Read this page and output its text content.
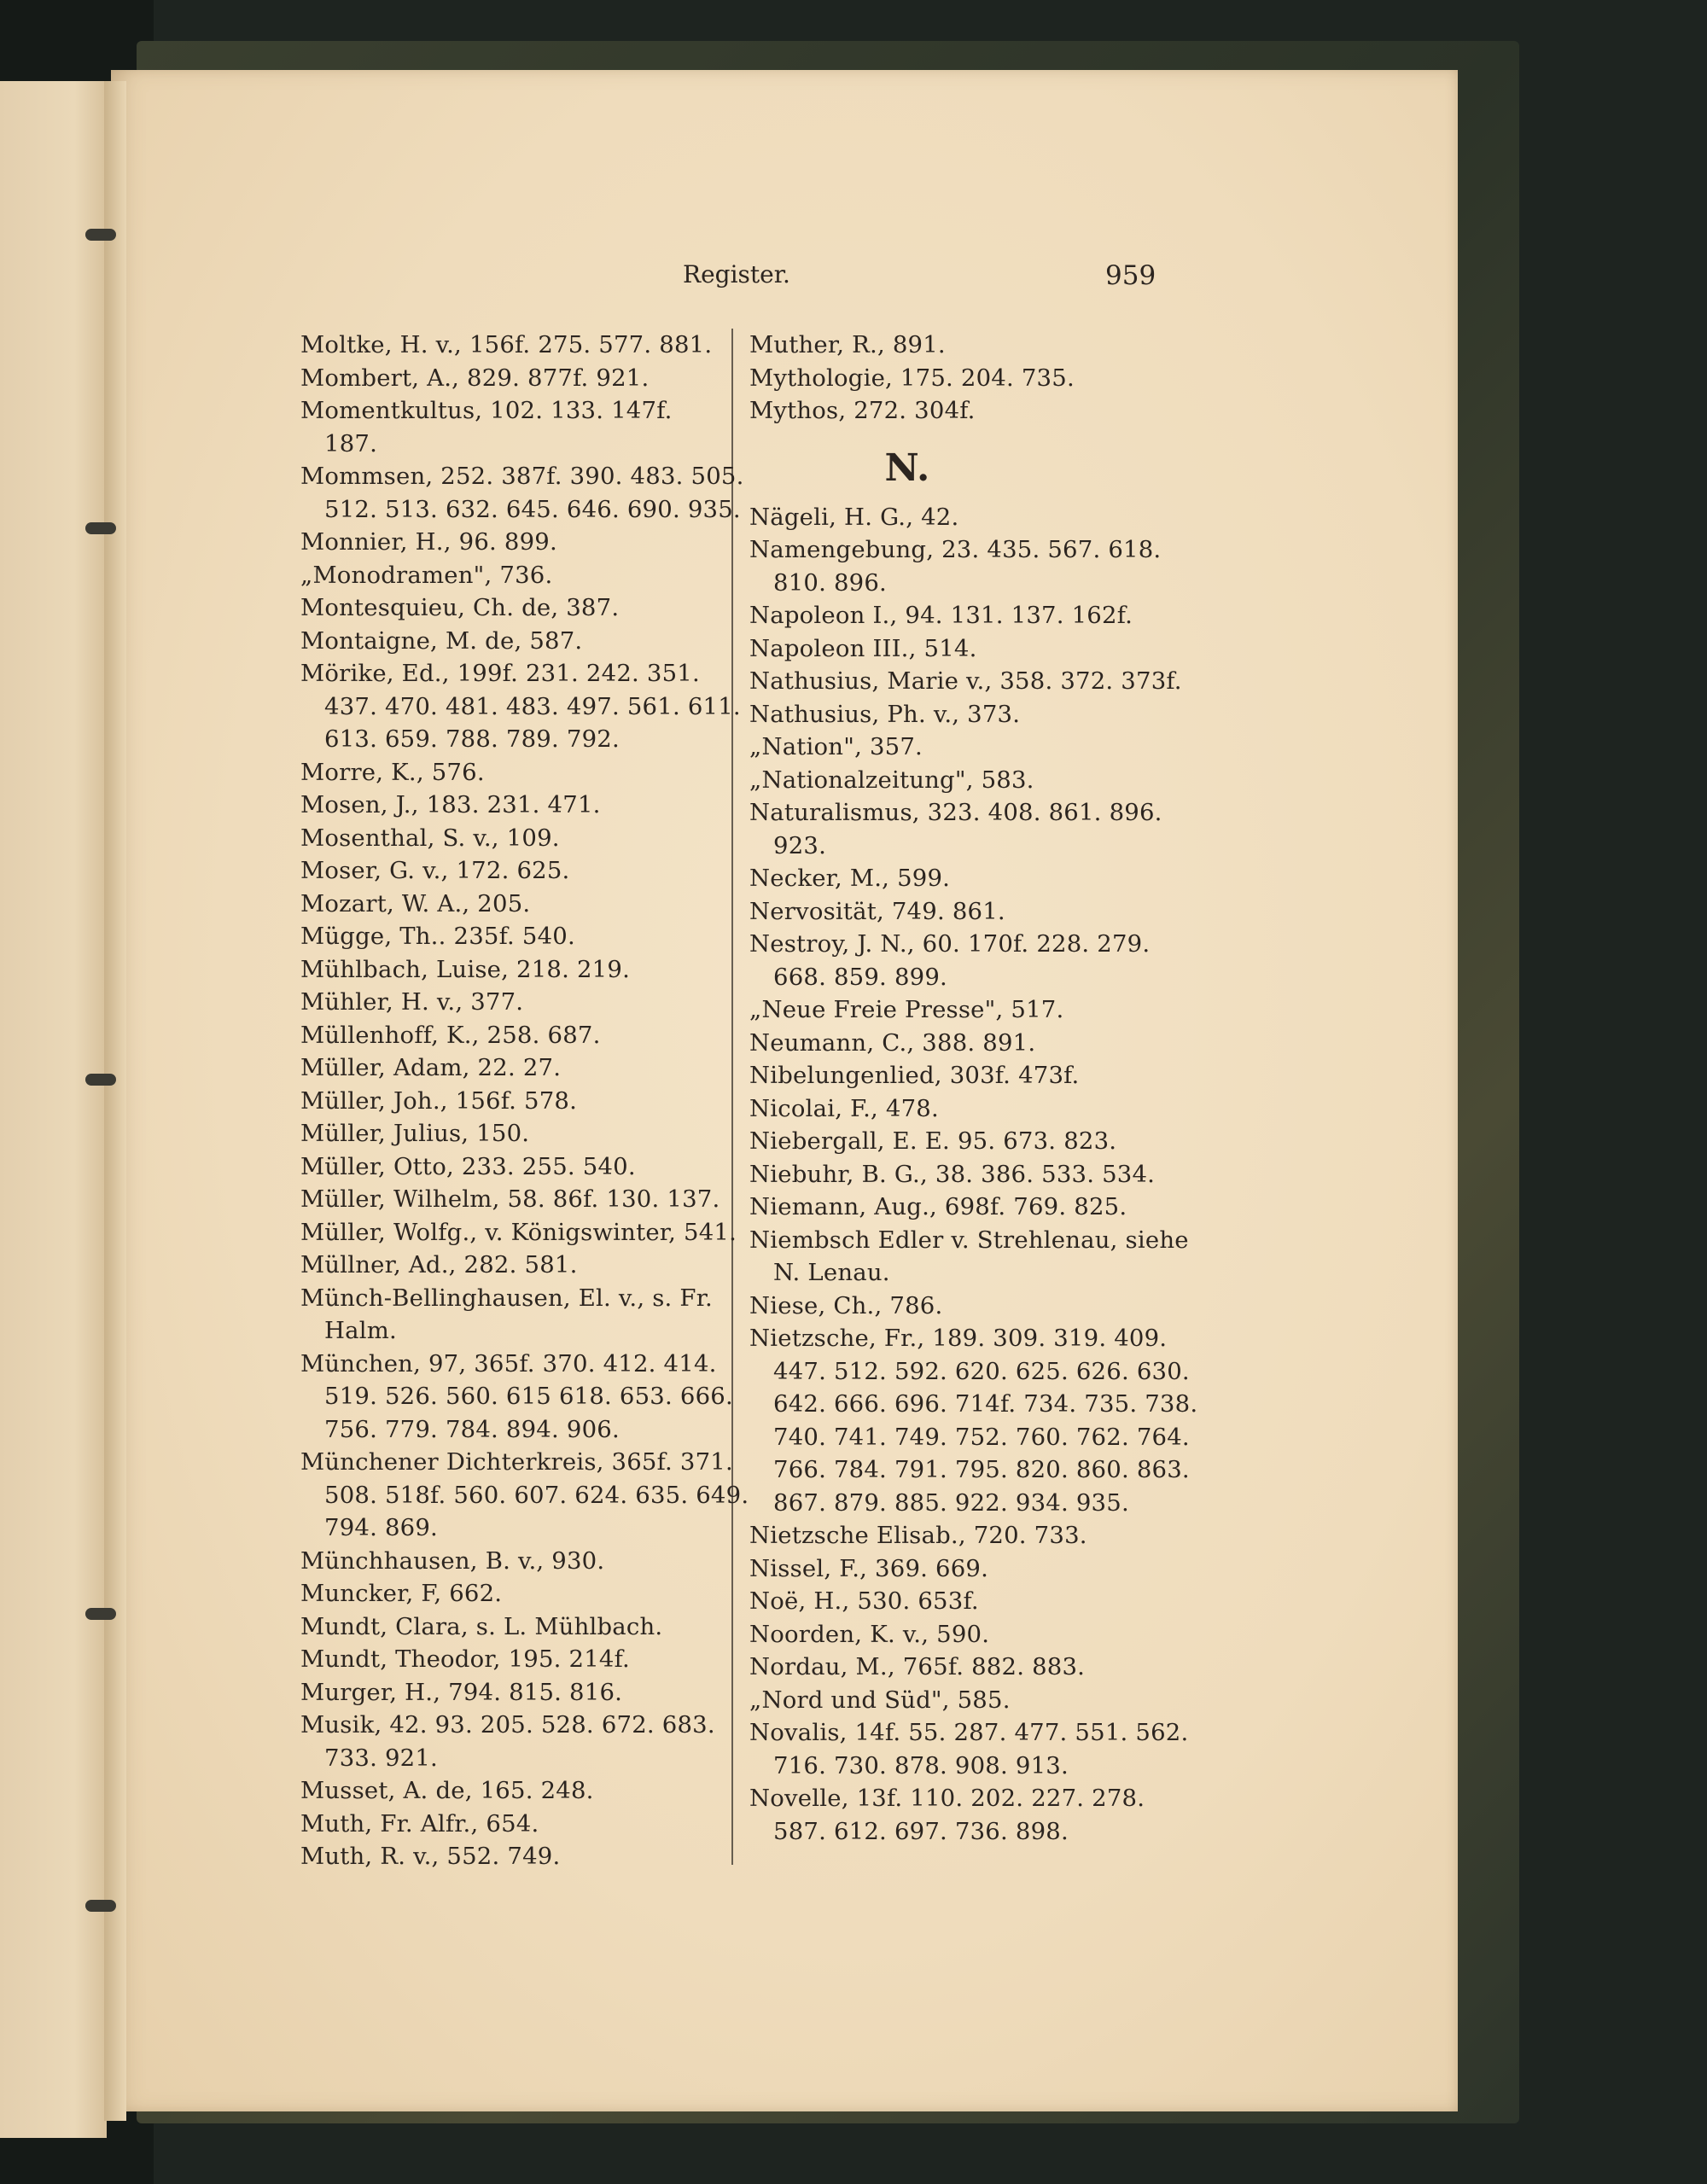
Register.	959
Moltke, H. v., 156f. 275. 577. 881.
Mombert, A., 829. 877f. 921.
Momentkultus, 102. 133. 147f.
187.
Mommsen, 252. 387f. 390. 483. 505.
512. 513. 632. 645. 646. 690. 935.
Monnier, H., 96. 899.
„Monodramen", 736.
Montesquieu, Ch. de, 387.
Montaigne, M. de, 587.
Mörike, Ed., 199f. 231. 242. 351.
437. 470. 481. 483. 497. 561. 611.
613. 659. 788. 789. 792.
Morre, K., 576.
Mosen, J., 183. 231. 471.
Mosenthal, S. v., 109.
Moser, G. v., 172. 625.
Mozart, W. A., 205.
Mügge, Th.. 235f. 540.
Mühlbach, Luise, 218. 219.
Mühler, H. v., 377.
Müllenhoff, K., 258. 687.
Müller, Adam, 22. 27.
Müller, Joh., 156f. 578.
Müller, Julius, 150.
Müller, Otto, 233. 255. 540.
Müller, Wilhelm, 58. 86f. 130. 137.
Müller, Wolfg., v. Königswinter, 541.
Müllner, Ad., 282. 581.
Münch-Bellinghausen, El. v., s. Fr.
Halm.
München, 97, 365f. 370. 412. 414.
519. 526. 560. 615 618. 653. 666.
756. 779. 784. 894. 906.
Münchener Dichterkreis, 365f. 371.
508. 518f. 560. 607. 624. 635. 649.
794. 869.
Münchhausen, B. v., 930.
Muncker, F, 662.
Mundt, Clara, s. L. Mühlbach.
Mundt, Theodor, 195. 214f.
Murger, H., 794. 815. 816.
Musik, 42. 93. 205. 528. 672. 683.
733. 921.
Musset, A. de, 165. 248.
Muth, Fr. Alfr., 654.
Muth, R. v., 552. 749.
Muther, R., 891.
Mythologie, 175. 204. 735.
Mythos, 272. 304f.
N.
Nägeli, H. G., 42.
Namengebung, 23. 435. 567. 618.
810. 896.
Napoleon I., 94. 131. 137. 162f.
Napoleon III., 514.
Nathusius, Marie v., 358. 372. 373f.
Nathusius, Ph. v., 373.
„Nation", 357.
„Nationalzeitung", 583.
Naturalismus, 323. 408. 861. 896.
923.
Necker, M., 599.
Nervosität, 749. 861.
Nestroy, J. N., 60. 170f. 228. 279.
668. 859. 899.
„Neue Freie Presse", 517.
Neumann, C., 388. 891.
Nibelungenlied, 303f. 473f.
Nicolai, F., 478.
Niebergall, E. E. 95. 673. 823.
Niebuhr, B. G., 38. 386. 533. 534.
Niemann, Aug., 698f. 769. 825.
Niembsch Edler v. Strehlenau, siehe
N. Lenau.
Niese, Ch., 786.
Nietzsche, Fr., 189. 309. 319. 409.
447. 512. 592. 620. 625. 626. 630.
642. 666. 696. 714f. 734. 735. 738.
740. 741. 749. 752. 760. 762. 764.
766. 784. 791. 795. 820. 860. 863.
867. 879. 885. 922. 934. 935.
Nietzsche Elisab., 720. 733.
Nissel, F., 369. 669.
Noë, H., 530. 653f.
Noorden, K. v., 590.
Nordau, M., 765f. 882. 883.
„Nord und Süd", 585.
Novalis, 14f. 55. 287. 477. 551. 562.
716. 730. 878. 908. 913.
Novelle, 13f. 110. 202. 227. 278.
587. 612. 697. 736. 898.
